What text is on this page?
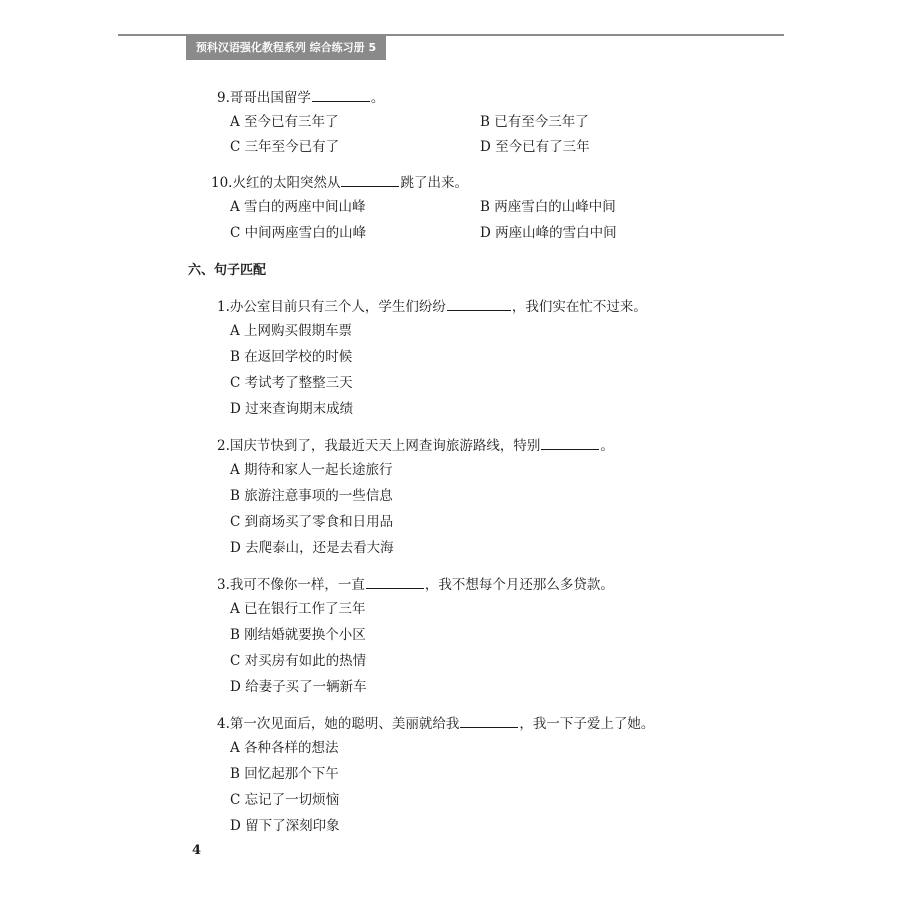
预科汉语强化教程系列 综合练习册 5
9.哥哥出国留学	。
A 至今已有三年了	B 已有至今三年了
C 三年至今已有了	D 至今已有了三年
10.火红的太阳突然从	跳了出来。
A 雪白的两座中间山峰	B 两座雪白的山峰中间
C 中间两座雪白的山峰	D 两座山峰的雪白中间
六、句子匹配
1.办公室目前只有三个人，学生们纷纷	，我们实在忙不过来。
A 上网购买假期车票
B 在返回学校的时候
C 考试考了整整三天
D 过来查询期末成绩
2.国庆节快到了，我最近天天上网查询旅游路线，特别	。
A 期待和家人一起长途旅行
B 旅游注意事项的一些信息
C 到商场买了零食和日用品
D 去爬泰山，还是去看大海
3.我可不像你一样，一直	，我不想每个月还那么多贷款。
A 已在银行工作了三年
B 刚结婚就要换个小区
C 对买房有如此的热情
D 给妻子买了一辆新车
4.第一次见面后，她的聪明、美丽就给我	，我一下子爱上了她。
A 各种各样的想法
B 回忆起那个下午
C 忘记了一切烦恼
D 留下了深刻印象
4
